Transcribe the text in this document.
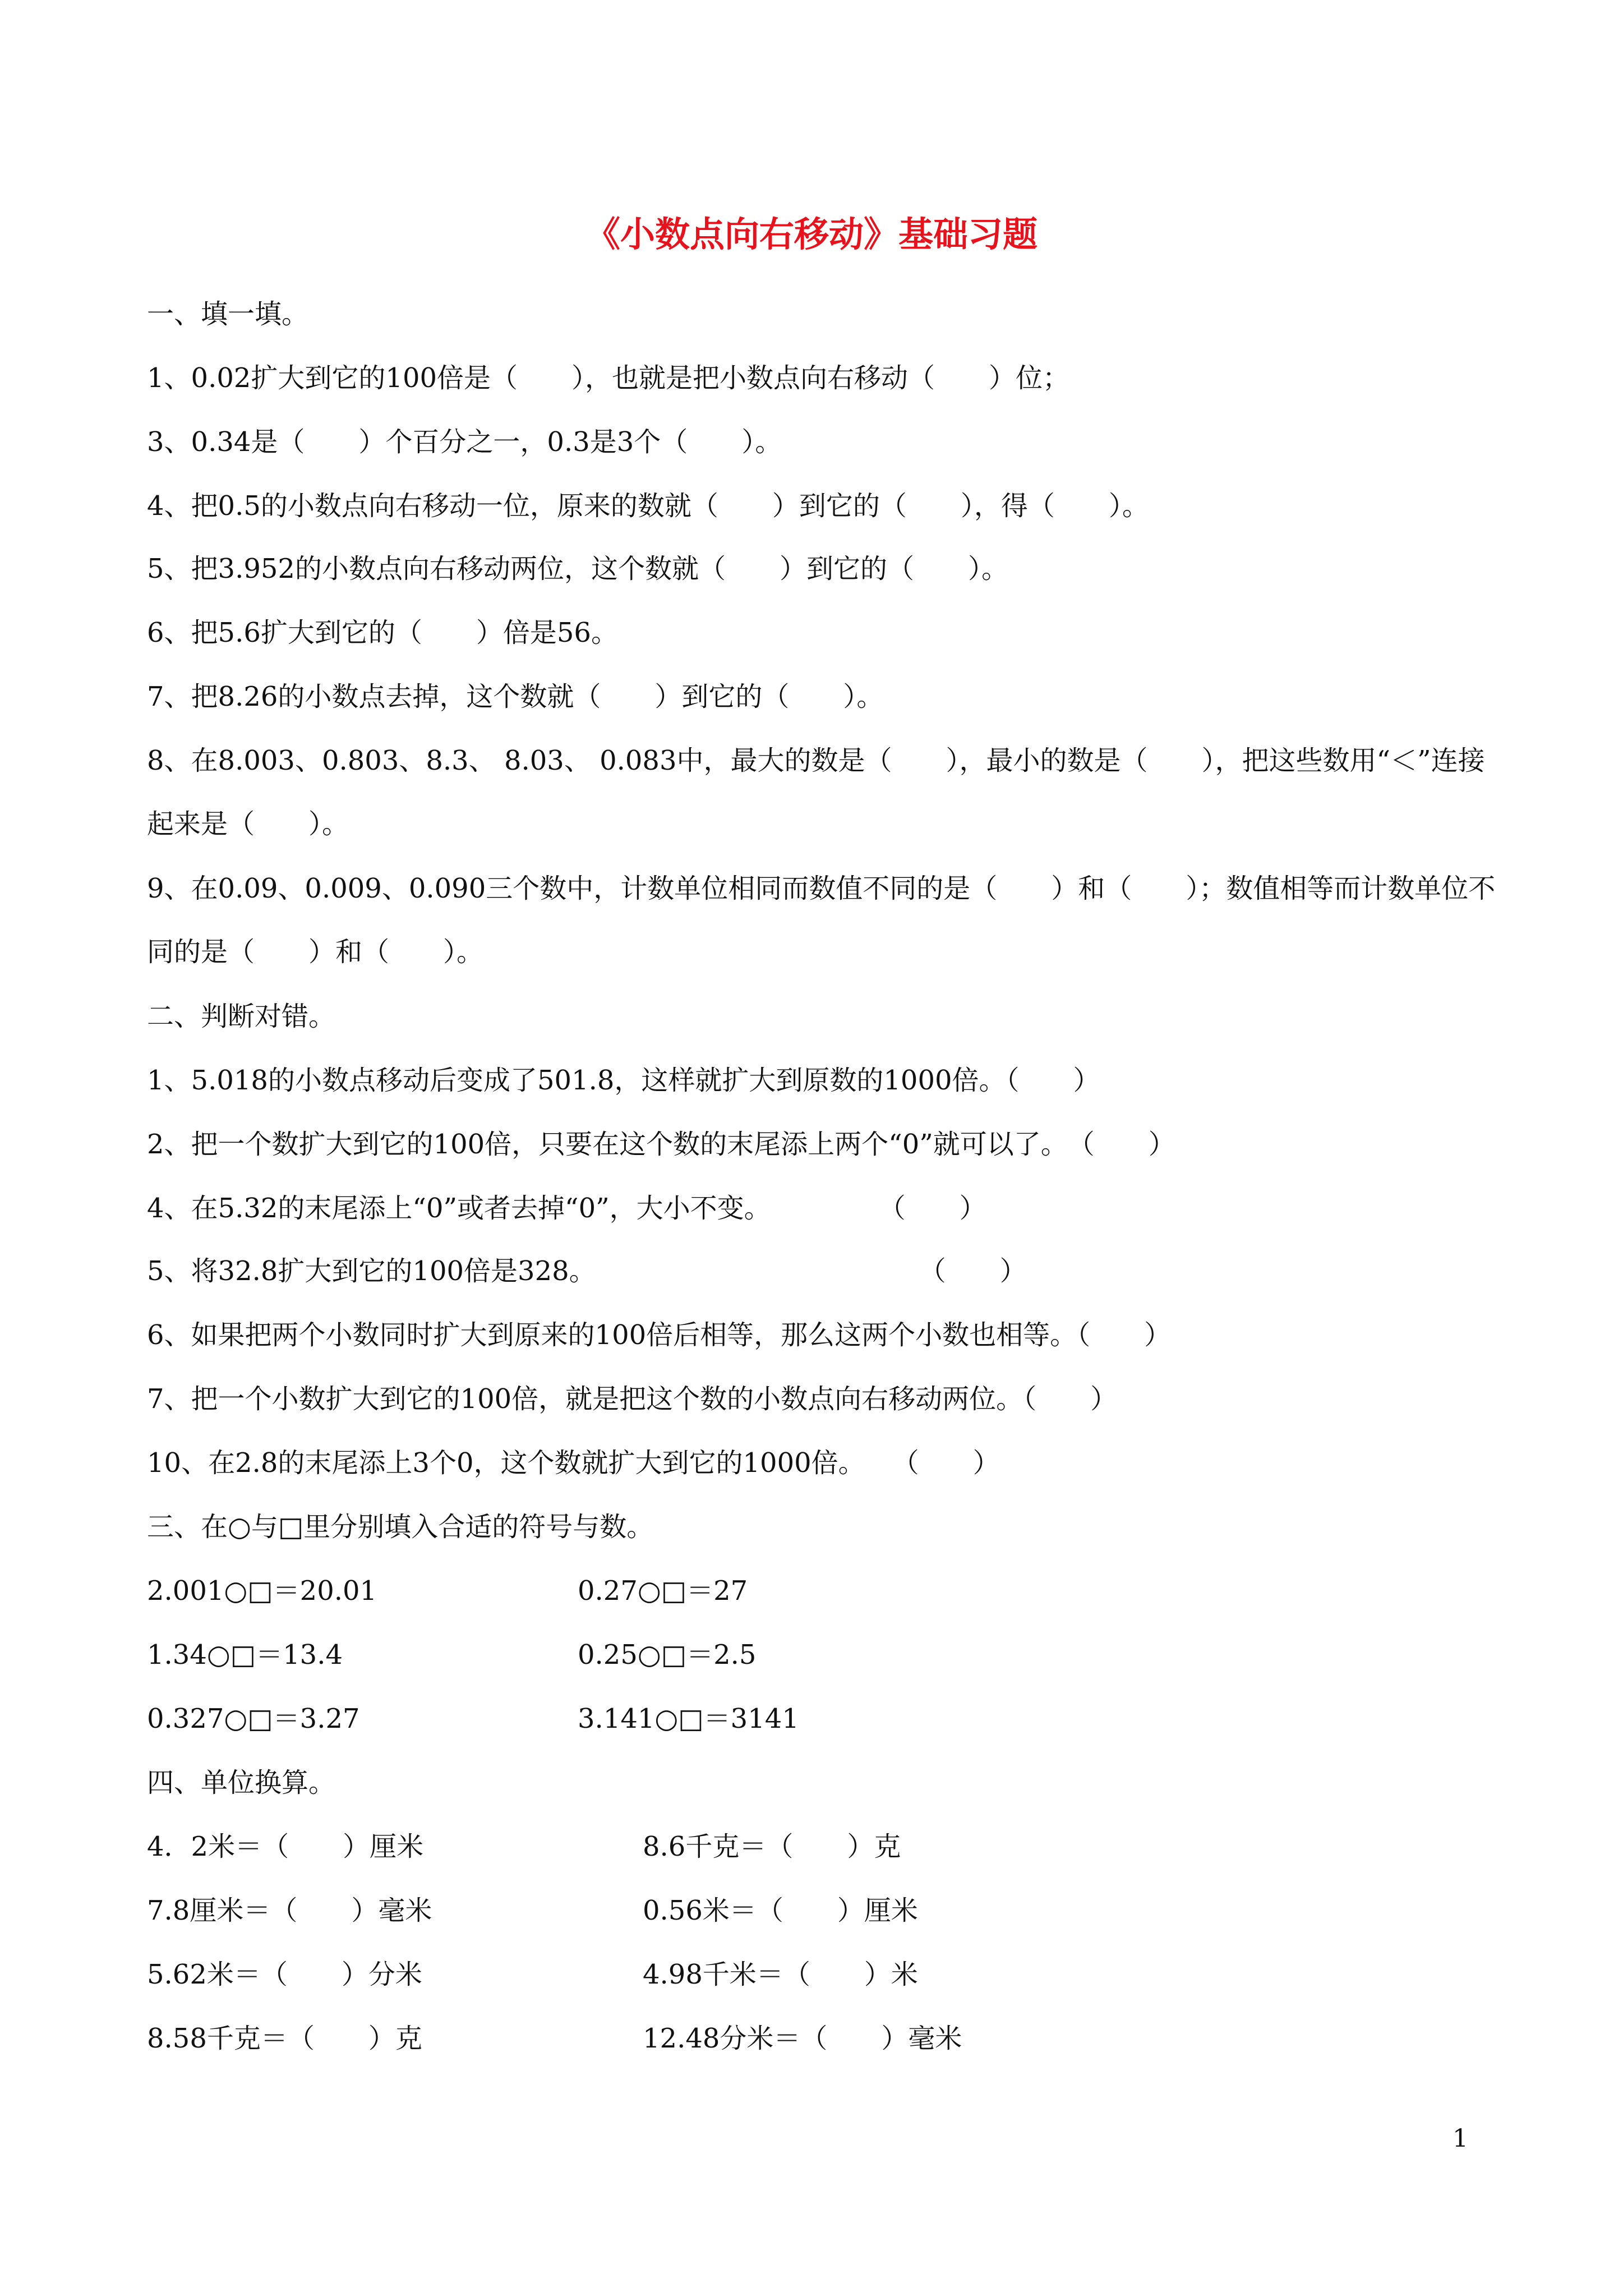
《小数点向右移动》基础习题
一、填一填。
1、0.02扩大到它的100倍是（　　），也就是把小数点向右移动（　　）位；
3、0.34是（　　）个百分之一，0.3是3个（　　）。
4、把0.5的小数点向右移动一位，原来的数就（　　）到它的（　　），得（　　）。
5、把3.952的小数点向右移动两位，这个数就（　　）到它的（　　）。
6、把5.6扩大到它的（　　）倍是56。
7、把8.26的小数点去掉，这个数就（　　）到它的（　　）。
8、在8.003、0.803、8.3、 8.03、 0.083中，最大的数是（　　），最小的数是（　　），把这些数用“＜”连接起来是（　　）。
9、在0.09、0.009、0.090三个数中，计数单位相同而数值不同的是（　　）和（　　）；数值相等而计数单位不同的是（　　）和（　　）。
二、判断对错。
1、5.018的小数点移动后变成了501.8，这样就扩大到原数的1000倍。（　　）
2、把一个数扩大到它的100倍，只要在这个数的末尾添上两个“0”就可以了。　（　　）
4、在5.32的末尾添上“0”或者去掉“0”，大小不变。　　　　　（　　）
5、将32.8扩大到它的100倍是328。　　　　　　　　　　　　　（　　）
6、如果把两个小数同时扩大到原来的100倍后相等，那么这两个小数也相等。（　　）
7、把一个小数扩大到它的100倍，就是把这个数的小数点向右移动两位。（　　）
10、在2.8的末尾添上3个0，这个数就扩大到它的1000倍。　　（　　）
三、在○与□里分别填入合适的符号与数。
2.001○□＝20.01	0.27○□＝27
1.34○□＝13.4	0.25○□＝2.5
0.327○□＝3.27	3.141○□＝3141
四、单位换算。
4．2米＝（　　）厘米	8.6千克＝（　　）克
7.8厘米＝（　　）毫米	0.56米＝（　　）厘米
5.62米＝（　　）分米	4.98千米＝（　　）米
8.58千克＝（　　）克	12.48分米＝（　　）毫米
1
